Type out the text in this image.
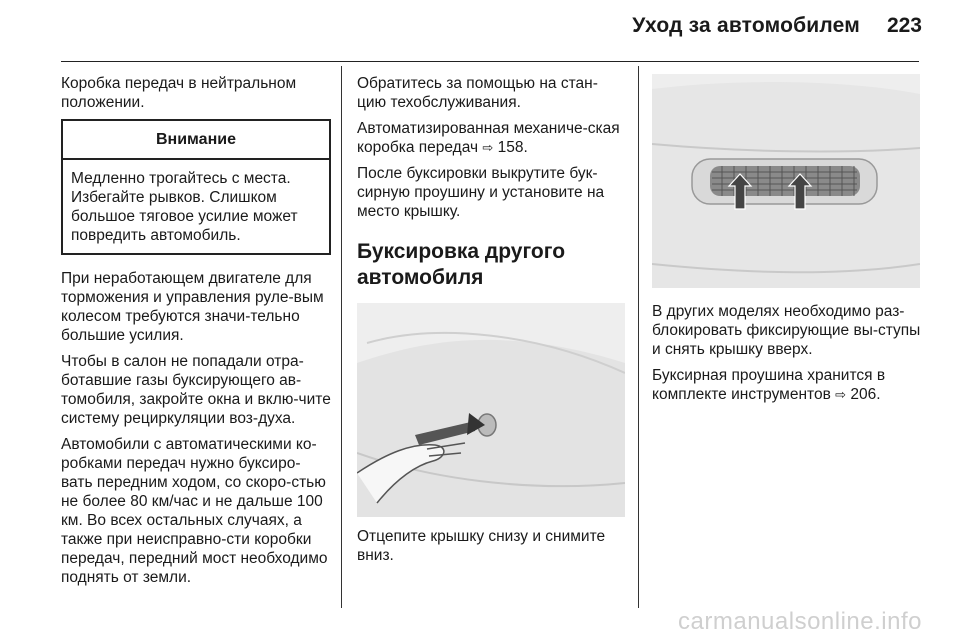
Уход за автомобилем	223

Коробка передач в нейтральном положении.

Внимание
Медленно трогайтесь с места. Избегайте рывков. Слишком большое тяговое усилие может повредить автомобиль.

При неработающем двигателе для торможения и управления руле-вым колесом требуются значи-тельно большие усилия.

Чтобы в салон не попадали отра-ботавшие газы буксирующего ав-томобиля, закройте окна и вклю-чите систему рециркуляции воз-духа.

Автомобили с автоматическими ко-робками передач нужно буксиро-вать передним ходом, со скоро-стью не более 80 км/час и не дальше 100 км. Во всех остальных случаях, а также при неисправно-сти коробки передач, передний мост необходимо поднять от земли.

Обратитесь за помощью на стан-цию техобслуживания.

Автоматизированная механиче-ская коробка передач ⇨ 158.

После буксировки выкрутите бук-сирную проушину и установите на место крышку.

Буксировка другого автомобиля

Отцепите крышку снизу и снимите вниз.

В других моделях необходимо раз-блокировать фиксирующие вы-ступы и снять крышку вверх.

Буксирная проушина хранится в комплекте инструментов ⇨ 206.

carmanualsonline.info
